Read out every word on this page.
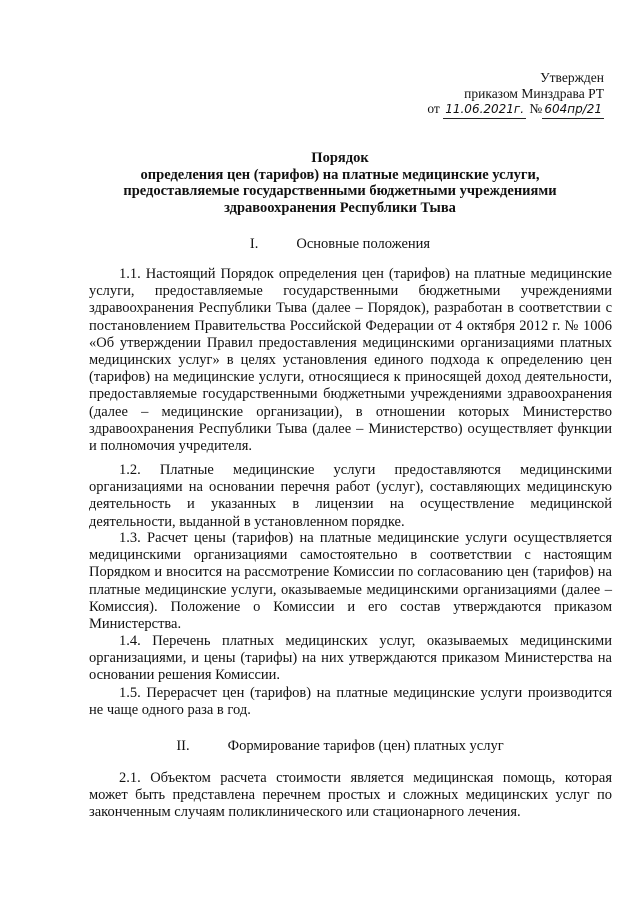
Утвержден
приказом Минздрава РТ
от 11.06.2021г. № 604пр/21
Порядок
определения цен (тарифов) на платные медицинские услуги,
предоставляемые государственными бюджетными учреждениями
здравоохранения Республики Тыва
I.	Основные положения

1.1. Настоящий Порядок определения цен (тарифов) на платные медицинские услуги, предоставляемые государственными бюджетными учреждениями здравоохранения Республики Тыва (далее – Порядок), разработан в соответствии с постановлением Правительства Российской Федерации от 4 октября 2012 г. № 1006 «Об утверждении Правил предоставления медицинскими организациями платных медицинских услуг» в целях установления единого подхода к определению цен (тарифов) на медицинские услуги, относящиеся к приносящей доход деятельности, предоставляемые государственными бюджетными учреждениями здравоохранения (далее – медицинские организации), в отношении которых Министерство здравоохранения Республики Тыва (далее – Министерство) осуществляет функции и полномочия учредителя.

1.2. Платные медицинские услуги предоставляются медицинскими организациями на основании перечня работ (услуг), составляющих медицинскую деятельность и указанных в лицензии на осуществление медицинской деятельности, выданной в установленном порядке.

1.3. Расчет цены (тарифов) на платные медицинские услуги осуществляется медицинскими организациями самостоятельно в соответствии с настоящим Порядком и вносится на рассмотрение Комиссии по согласованию цен (тарифов) на платные медицинские услуги, оказываемые медицинскими организациями (далее – Комиссия). Положение о Комиссии и его состав утверждаются приказом Министерства.

1.4. Перечень платных медицинских услуг, оказываемых медицинскими организациями, и цены (тарифы) на них утверждаются приказом Министерства на основании решения Комиссии.

1.5. Перерасчет цен (тарифов) на платные медицинские услуги производится не чаще одного раза в год.

II.	Формирование тарифов (цен) платных услуг

2.1. Объектом расчета стоимости является медицинская помощь, которая может быть представлена перечнем простых и сложных медицинских услуг по законченным случаям поликлинического или стационарного лечения.
